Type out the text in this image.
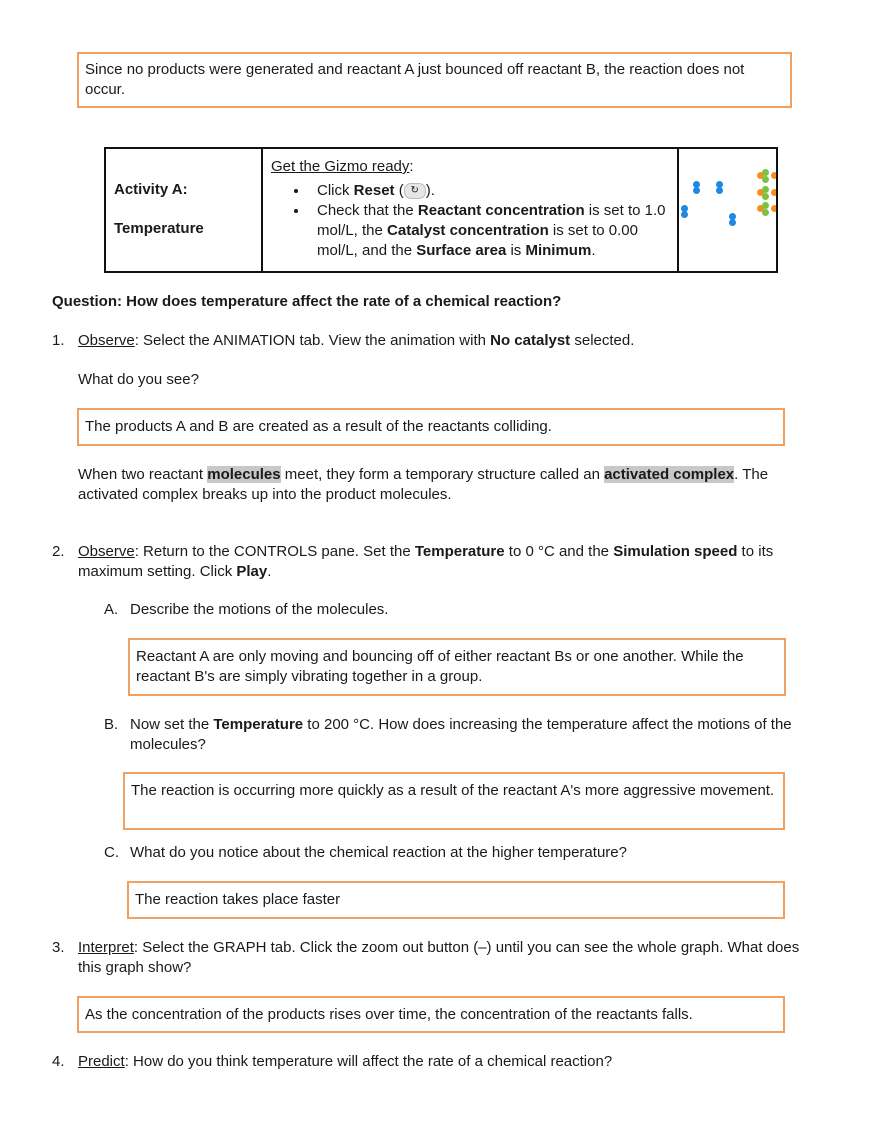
Since no products were generated and reactant A just bounced off reactant B, the reaction does not occur.
Activity A:
Temperature

Get the Gizmo ready:
• Click Reset ( ↻ ).
• Check that the Reactant concentration is set to 1.0 mol/L, the Catalyst concentration is set to 0.00 mol/L, and the Surface area is Minimum.

Question: How does temperature affect the rate of a chemical reaction?
1. Observe: Select the ANIMATION tab. View the animation with No catalyst selected.
What do you see?
The products A and B are created as a result of the reactants colliding.
When two reactant molecules meet, they form a temporary structure called an activated complex. The activated complex breaks up into the product molecules.
2. Observe: Return to the CONTROLS pane. Set the Temperature to 0 °C and the Simulation speed to its maximum setting. Click Play.
A. Describe the motions of the molecules.
Reactant A are only moving and bouncing off of either reactant Bs or one another. While the reactant B's are simply vibrating together in a group.
B. Now set the Temperature to 200 °C. How does increasing the temperature affect the motions of the molecules?
The reaction is occurring more quickly as a result of the reactant A's more aggressive movement.
C. What do you notice about the chemical reaction at the higher temperature?
The reaction takes place faster
3. Interpret: Select the GRAPH tab. Click the zoom out button (–) until you can see the whole graph. What does this graph show?
As the concentration of the products rises over time, the concentration of the reactants falls.
4. Predict: How do you think temperature will affect the rate of a chemical reaction?
